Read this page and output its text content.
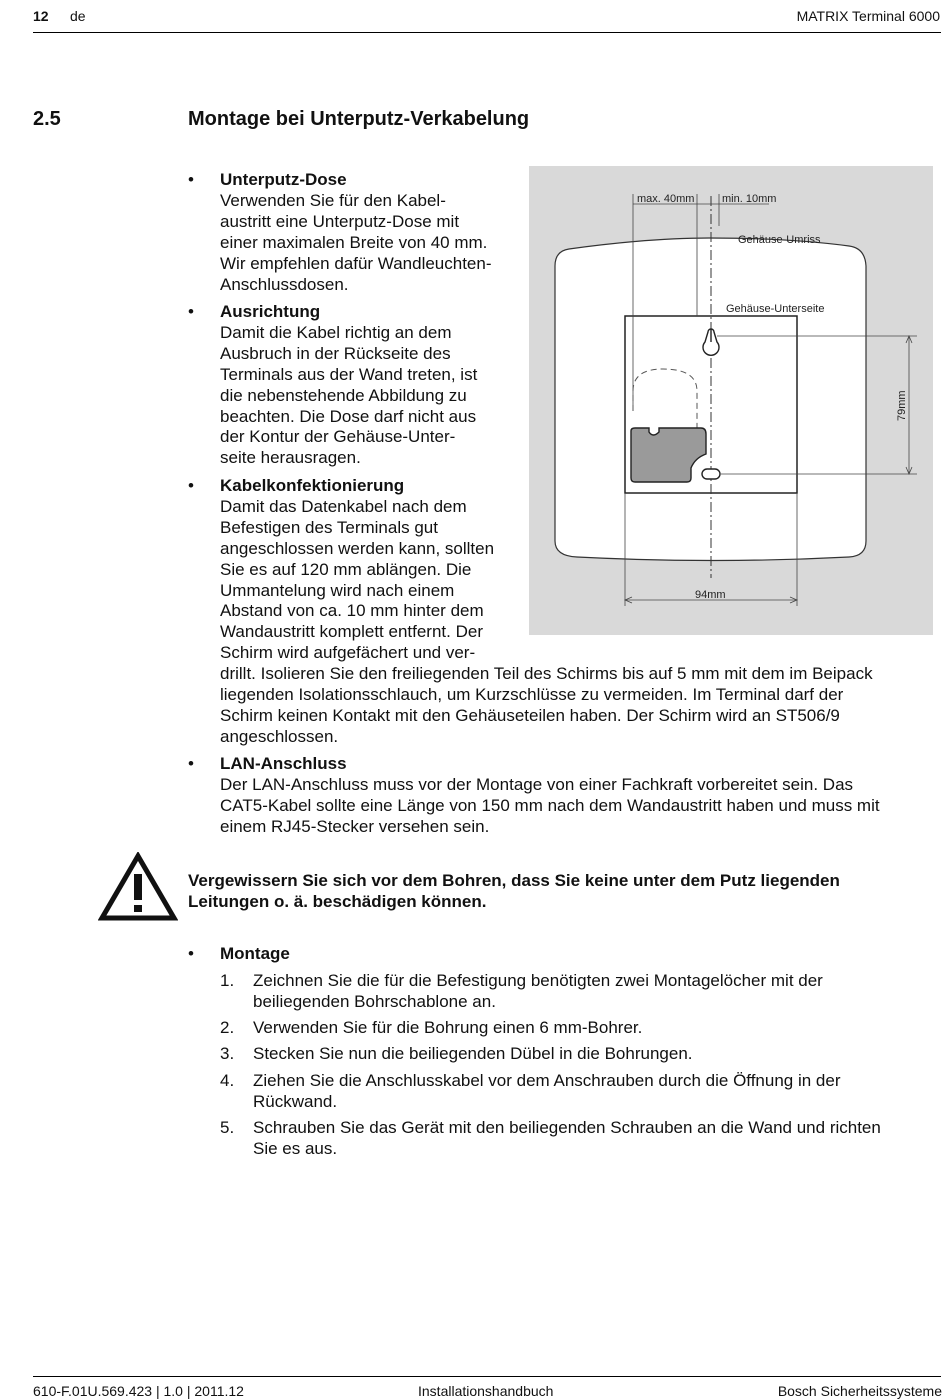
12 de	MATRIX Terminal 6000
2.5	Montage bei Unterputz-Verkabelung
• Unterputz-Dose
Verwenden Sie für den Kabel-
austritt eine Unterputz-Dose mit
einer maximalen Breite von 40 mm.
Wir empfehlen dafür Wandleuchten-
Anschlussdosen.
• Ausrichtung
Damit die Kabel richtig an dem
Ausbruch in der Rückseite des
Terminals aus der Wand treten, ist
die nebenstehende Abbildung zu
beachten. Die Dose darf nicht aus
der Kontur der Gehäuse-Unter-
seite herausragen.
• Kabelkonfektionierung
Damit das Datenkabel nach dem
Befestigen des Terminals gut
angeschlossen werden kann, sollten
Sie es auf 120 mm ablängen. Die
Ummantelung wird nach einem
Abstand von ca. 10 mm hinter dem
Wandaustritt komplett entfernt. Der
Schirm wird aufgefächert und ver-
drillt. Isolieren Sie den freiliegenden Teil des Schirms bis auf 5 mm mit dem im Beipack
liegenden Isolationsschlauch, um Kurzschlüsse zu vermeiden. Im Terminal darf der
Schirm keinen Kontakt mit den Gehäuseteilen haben. Der Schirm wird an ST506/9
angeschlossen.
• LAN-Anschluss
Der LAN-Anschluss muss vor der Montage von einer Fachkraft vorbereitet sein. Das
CAT5-Kabel sollte eine Länge von 150 mm nach dem Wandaustritt haben und muss mit
einem RJ45-Stecker versehen sein.
max. 40mm	min. 10mm
Gehäuse-Umriss
Gehäuse-Unterseite
79mm
94mm
Vergewissern Sie sich vor dem Bohren, dass Sie keine unter dem Putz liegenden
Leitungen o. ä. beschädigen können.
• Montage
1.	Zeichnen Sie die für die Befestigung benötigten zwei Montagelöcher mit der
beiliegenden Bohrschablone an.
2.	Verwenden Sie für die Bohrung einen 6 mm-Bohrer.
3.	Stecken Sie nun die beiliegenden Dübel in die Bohrungen.
4.	Ziehen Sie die Anschlusskabel vor dem Anschrauben durch die Öffnung in der
Rückwand.
5.	Schrauben Sie das Gerät mit den beiliegenden Schrauben an die Wand und richten
Sie es aus.
610-F.01U.569.423 | 1.0 | 2011.12	Installationshandbuch	Bosch Sicherheitssysteme
